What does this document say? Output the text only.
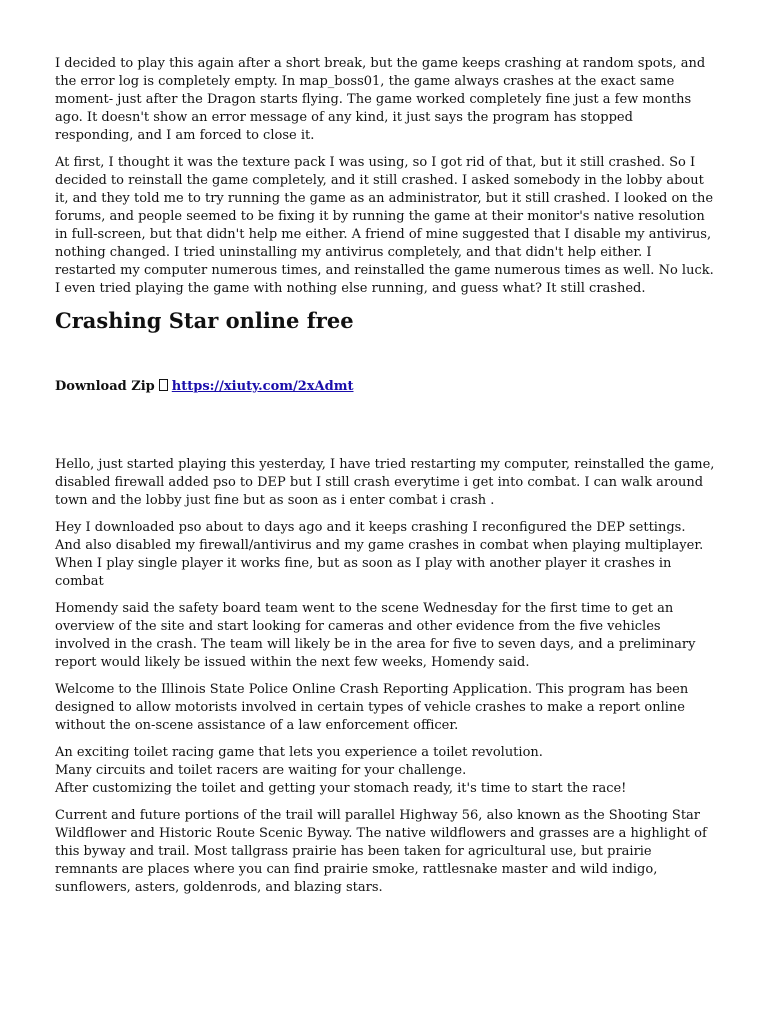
I decided to play this again after a short break, but the game keeps crashing at random spots, and the error log is completely empty. In map_boss01, the game always crashes at the exact same moment- just after the Dragon starts flying. The game worked completely fine just a few months ago. It doesn't show an error message of any kind, it just says the program has stopped responding, and I am forced to close it.

At first, I thought it was the texture pack I was using, so I got rid of that, but it still crashed. So I decided to reinstall the game completely, and it still crashed. I asked somebody in the lobby about it, and they told me to try running the game as an administrator, but it still crashed. I looked on the forums, and people seemed to be fixing it by running the game at their monitor's native resolution in full-screen, but that didn't help me either. A friend of mine suggested that I disable my antivirus, nothing changed. I tried uninstalling my antivirus completely, and that didn't help either. I restarted my computer numerous times, and reinstalled the game numerous times as well. No luck. I even tried playing the game with nothing else running, and guess what? It still crashed.

Crashing Star online free
Download Zip https://xiuty.com/2xAdmt

Hello, just started playing this yesterday, I have tried restarting my computer, reinstalled the game, disabled firewall added pso to DEP but I still crash everytime i get into combat. I can walk around town and the lobby just fine but as soon as i enter combat i crash .

Hey I downloaded pso about to days ago and it keeps crashing I reconfigured the DEP settings. And also disabled my firewall/antivirus and my game crashes in combat when playing multiplayer. When I play single player it works fine, but as soon as I play with another player it crashes in combat

Homendy said the safety board team went to the scene Wednesday for the first time to get an overview of the site and start looking for cameras and other evidence from the five vehicles involved in the crash. The team will likely be in the area for five to seven days, and a preliminary report would likely be issued within the next few weeks, Homendy said.

Welcome to the Illinois State Police Online Crash Reporting Application. This program has been designed to allow motorists involved in certain types of vehicle crashes to make a report online without the on-scene assistance of a law enforcement officer.

An exciting toilet racing game that lets you experience a toilet revolution.
Many circuits and toilet racers are waiting for your challenge.
After customizing the toilet and getting your stomach ready, it's time to start the race!

Current and future portions of the trail will parallel Highway 56, also known as the Shooting Star Wildflower and Historic Route Scenic Byway. The native wildflowers and grasses are a highlight of this byway and trail. Most tallgrass prairie has been taken for agricultural use, but prairie remnants are places where you can find prairie smoke, rattlesnake master and wild indigo, sunflowers, asters, goldenrods, and blazing stars.
